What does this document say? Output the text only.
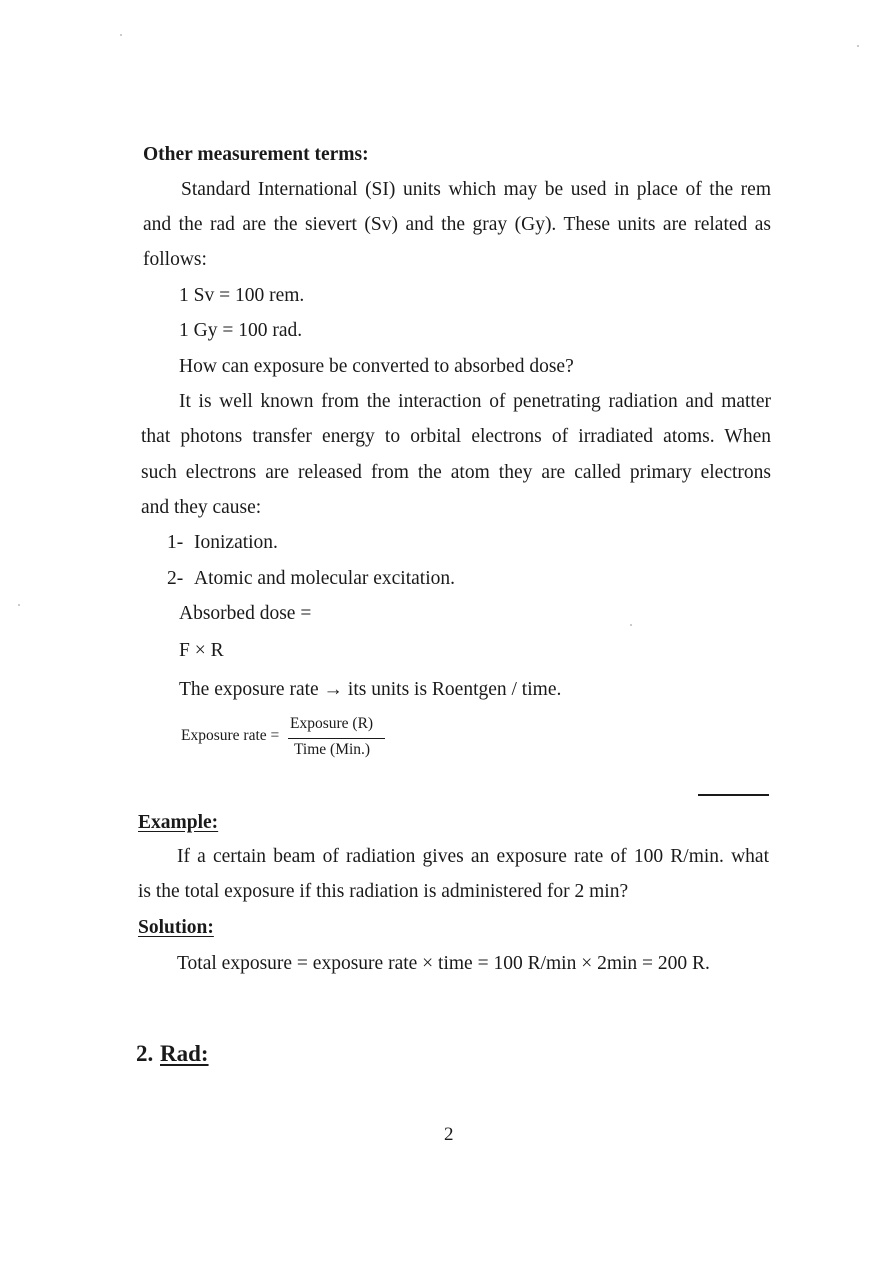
Other measurement terms:
Standard International (SI) units which may be used in place of the rem
and the rad are the sievert (Sv) and the gray (Gy). These units are related as
follows:
1 Sv = 100 rem.
1 Gy = 100 rad.
How can exposure be converted to absorbed dose?
It is well known from the interaction of penetrating radiation and matter
that photons transfer energy to orbital electrons of irradiated atoms. When
such electrons are released from the atom they are called primary electrons
and they cause:
1- Ionization.
2- Atomic and molecular excitation.
Absorbed dose =
F × R
The exposure rate → its units is Roentgen / time.
Exposure rate =
Exposure (R)
Time (Min.)
Example:
If a certain beam of radiation gives an exposure rate of 100 R/min. what
is the total exposure if this radiation is administered for 2 min?
Solution:
Total exposure = exposure rate × time = 100 R/min × 2min = 200 R.
2. Rad:
2
